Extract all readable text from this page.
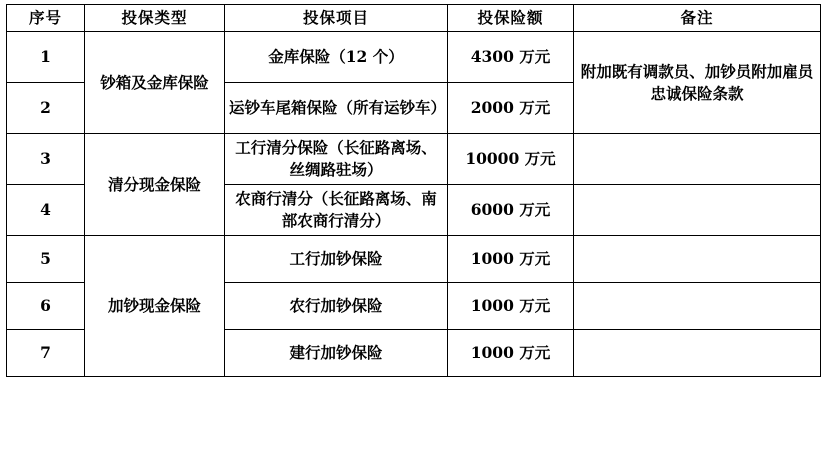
序号	投保类型	投保项目	投保险额	备注
1	钞箱及金库保险	金库保险（12 个）	4300 万元	附加既有调款员、加钞员附加雇员忠诚保险条款
2		运钞车尾箱保险（所有运钞车）	2000 万元	
3	清分现金保险	工行清分保险（长征路离场、丝绸路驻场）	10000 万元	
4		农商行清分（长征路离场、南部农商行清分）	6000 万元	
5	加钞现金保险	工行加钞保险	1000 万元	
6		农行加钞保险	1000 万元	
7		建行加钞保险	1000 万元	
